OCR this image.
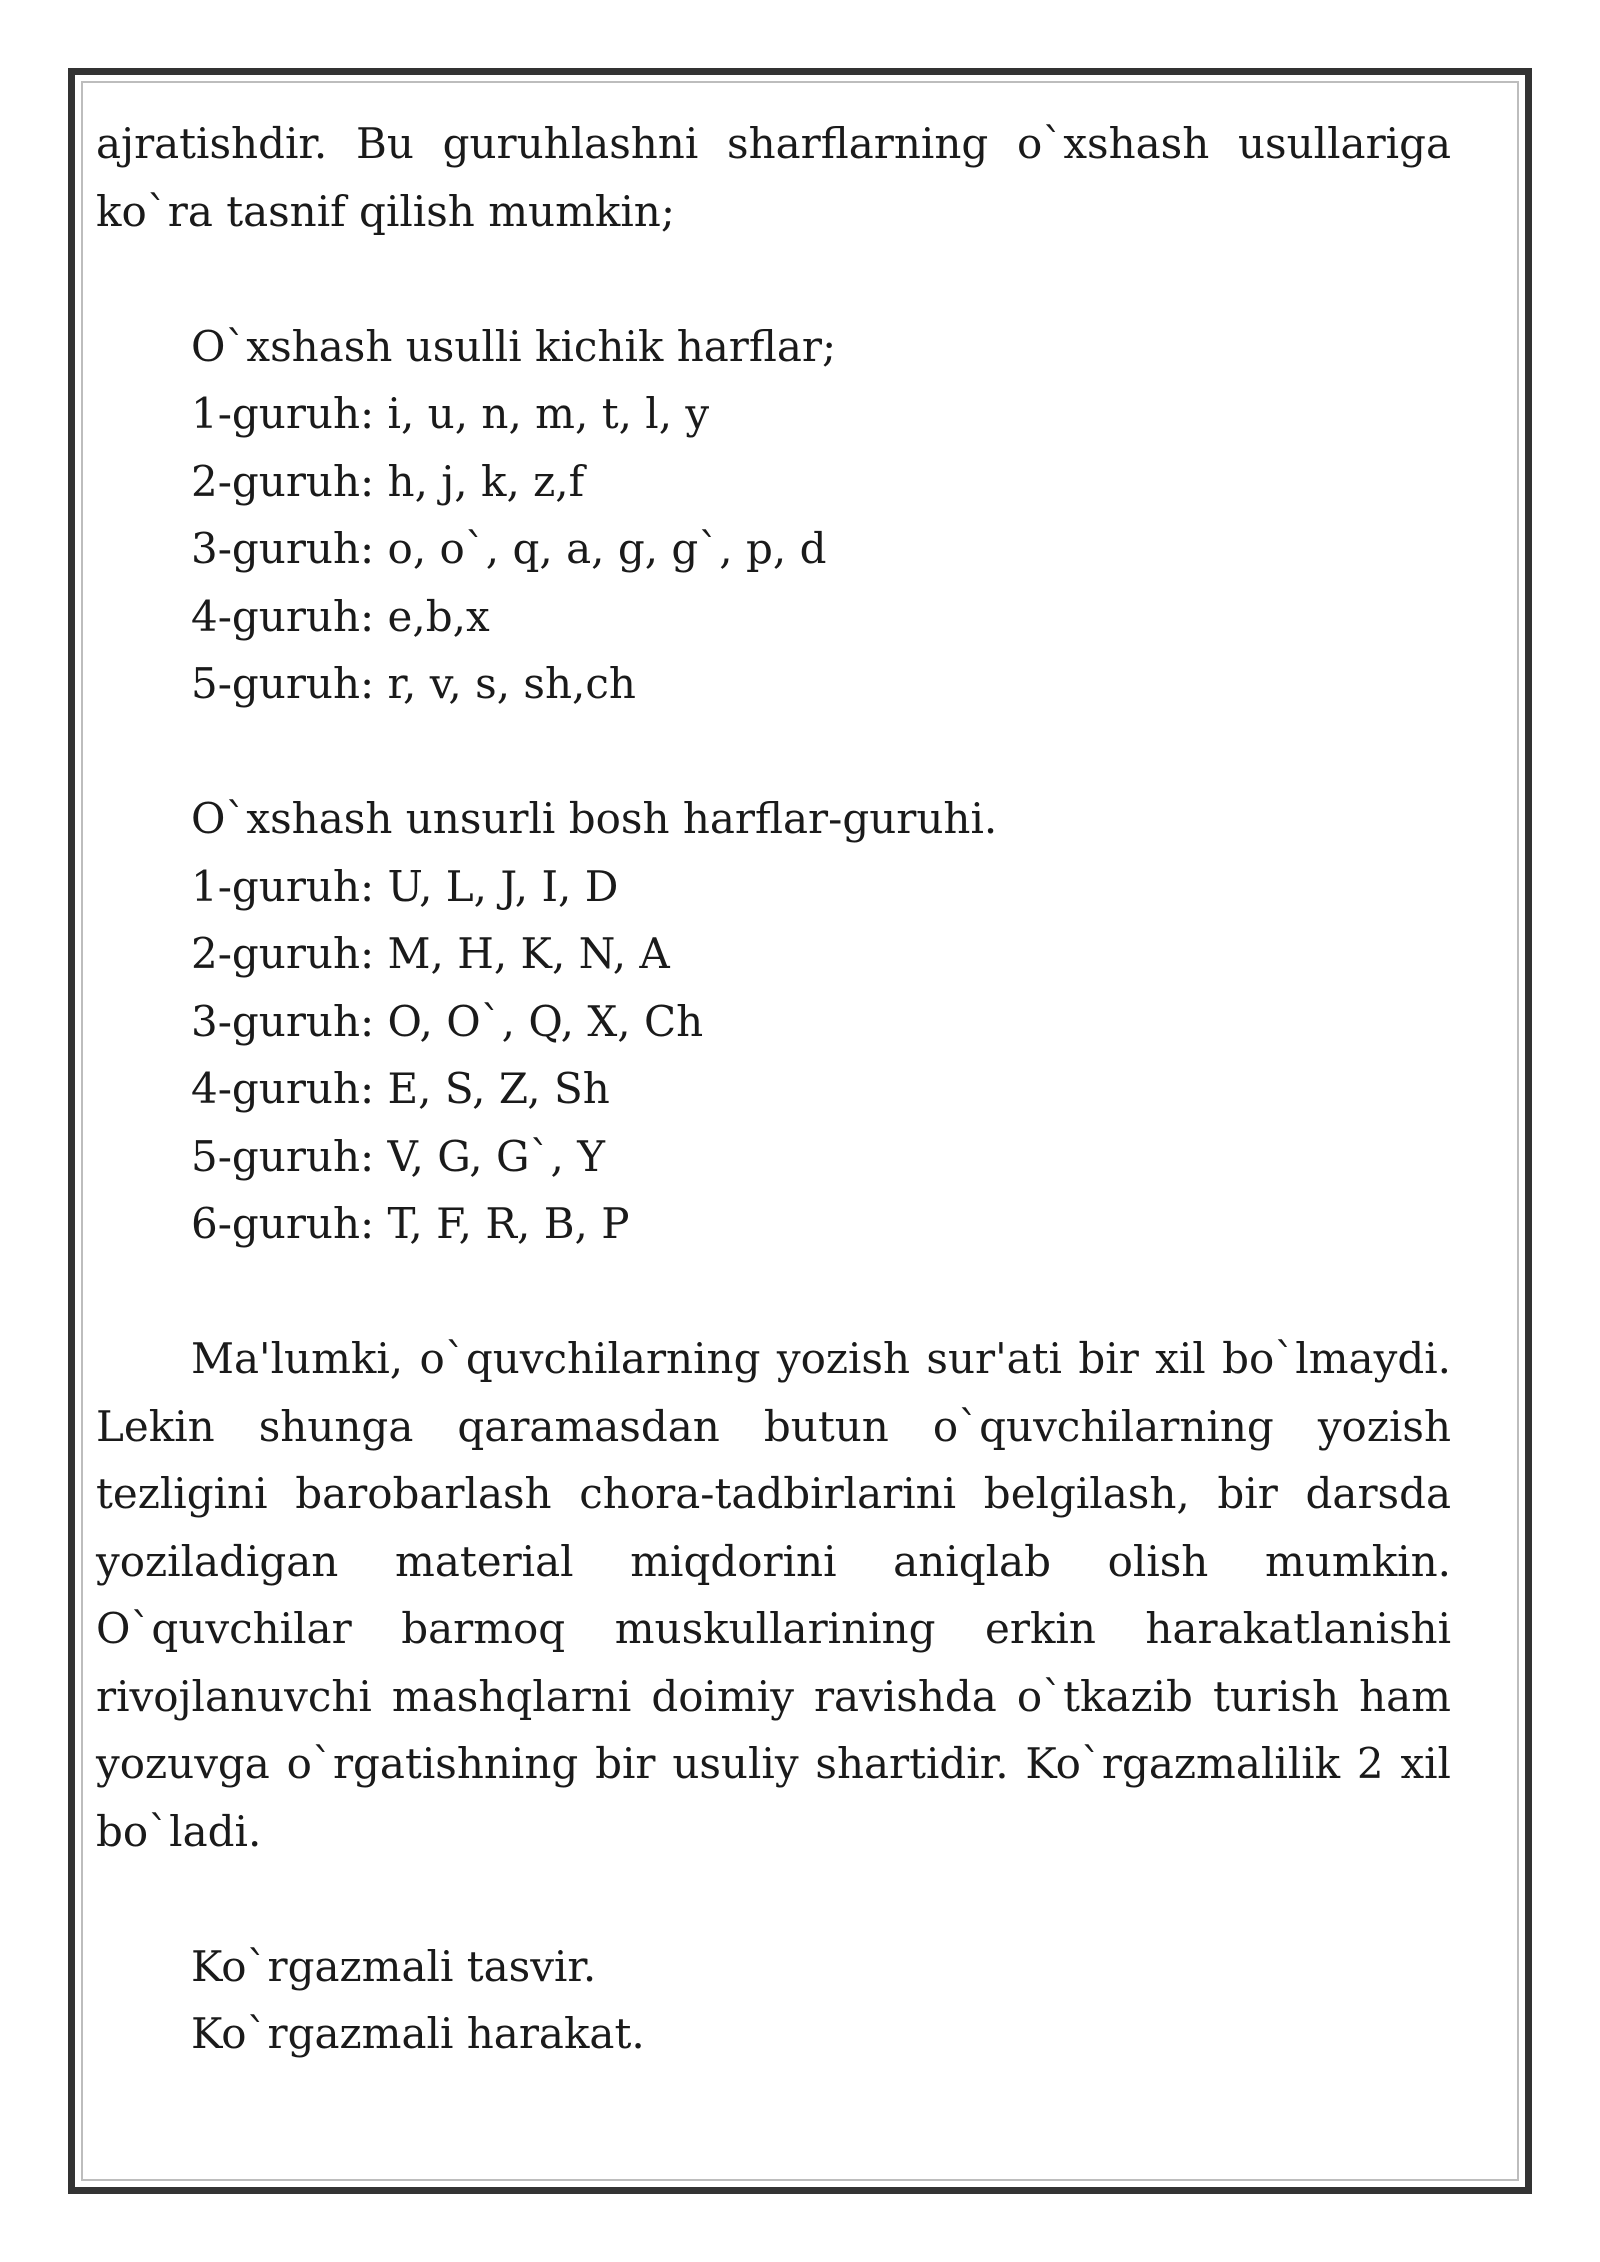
ajratishdir. Bu guruhlashni sharflarning o`xshash usullariga ko`ra tasnif qilish mumkin;

O`xshash usulli kichik harflar;
1-guruh: i, u, n, m, t, l, y
2-guruh: h, j, k, z,f
3-guruh: o, o`, q, a, g, g`, p, d
4-guruh: e,b,x
5-guruh: r, v, s, sh,ch
O`xshash unsurli bosh harflar-guruhi.
1-guruh: U, L, J, I, D
2-guruh: M, H, K, N, A
3-guruh: O, O`, Q, X, Ch
4-guruh: E, S, Z, Sh
5-guruh: V, G, G`, Y
6-guruh: T, F, R, B, P

Ma'lumki, o`quvchilarning yozish sur'ati bir xil bo`lmaydi. Lekin shunga qaramasdan butun o`quvchilarning yozish tezligini barobarlash chora-tadbirlarini belgilash, bir darsda yoziladigan material miqdorini aniqlab olish mumkin. O`quvchilar barmoq muskullarining erkin harakatlanishi rivojlanuvchi mashqlarni doimiy ravishda o`tkazib turish ham yozuvga o`rgatishning bir usuliy shartidir. Ko`rgazmalilik 2 xil bo`ladi.

Ko`rgazmali tasvir.
Ko`rgazmali harakat.
